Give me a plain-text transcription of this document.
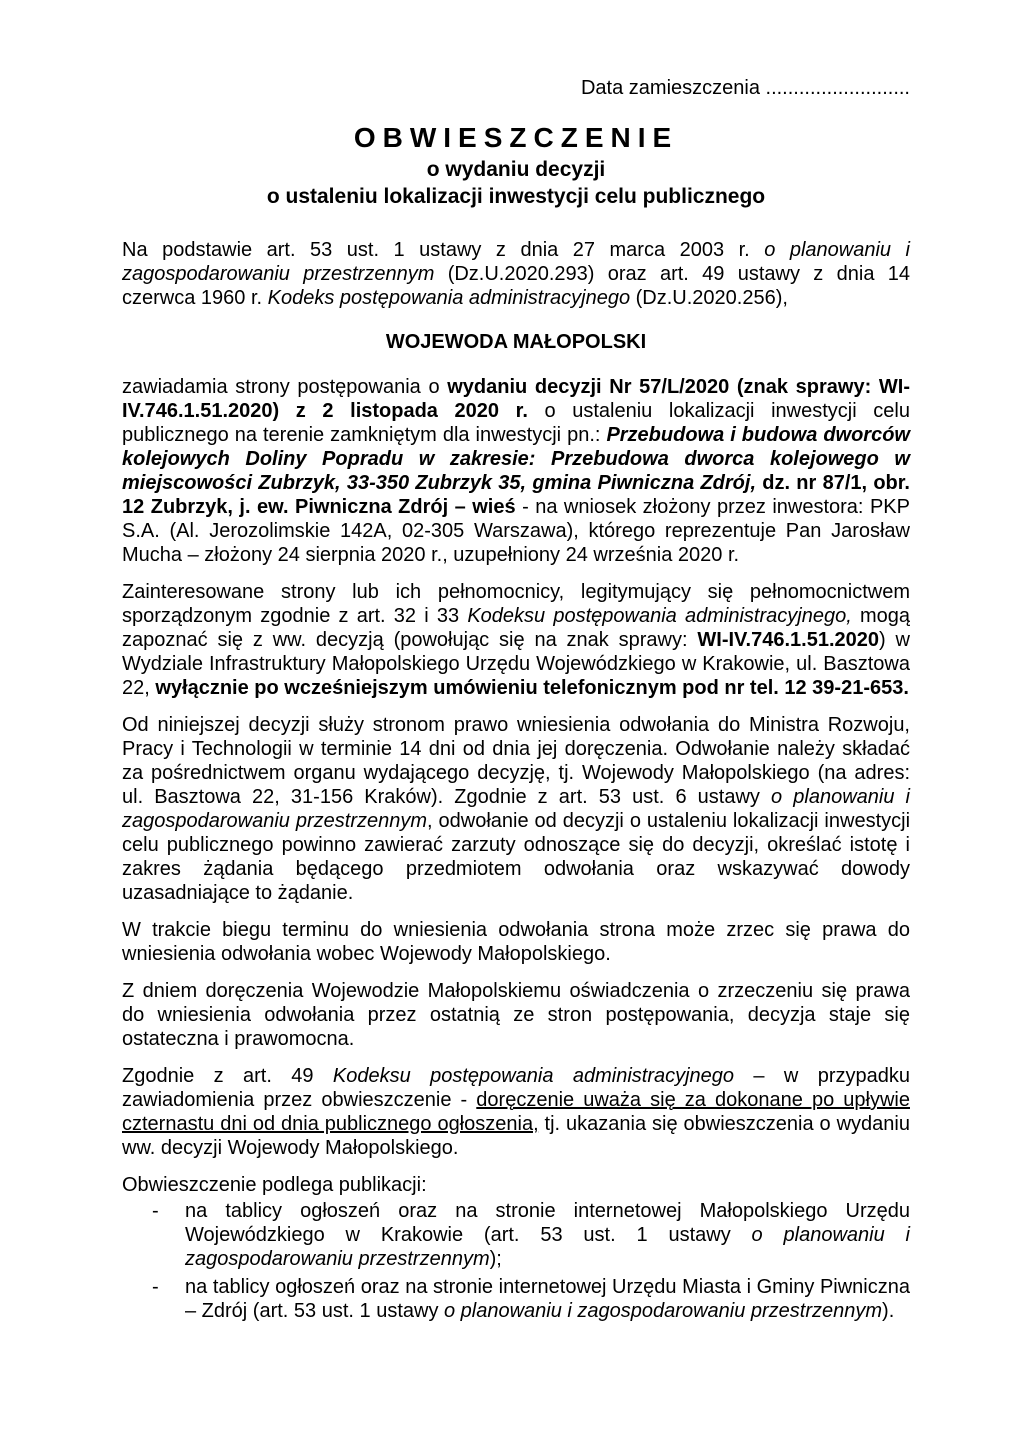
Data zamieszczenia ..........................

OBWIESZCZENIE

o wydaniu decyzji

o ustaleniu lokalizacji inwestycji celu publicznego

Na podstawie art. 53 ust. 1 ustawy z dnia 27 marca 2003 r. o planowaniu i zagospodarowaniu przestrzennym (Dz.U.2020.293) oraz art. 49 ustawy z dnia 14 czerwca 1960 r. Kodeks postępowania administracyjnego (Dz.U.2020.256),

WOJEWODA MAŁOPOLSKI

zawiadamia strony postępowania o wydaniu decyzji Nr 57/L/2020 (znak sprawy: WI-IV.746.1.51.2020) z 2 listopada 2020 r. o ustaleniu lokalizacji inwestycji celu publicznego na terenie zamkniętym dla inwestycji pn.: Przebudowa i budowa dworców kolejowych Doliny Popradu w zakresie: Przebudowa dworca kolejowego w miejscowości Zubrzyk, 33-350 Zubrzyk 35, gmina Piwniczna Zdrój, dz. nr 87/1, obr. 12 Zubrzyk, j. ew. Piwniczna Zdrój – wieś - na wniosek złożony przez inwestora: PKP S.A. (Al. Jerozolimskie 142A, 02-305 Warszawa), którego reprezentuje Pan Jarosław Mucha – złożony 24 sierpnia 2020 r., uzupełniony 24 września 2020 r.

Zainteresowane strony lub ich pełnomocnicy, legitymujący się pełnomocnictwem sporządzonym zgodnie z art. 32 i 33 Kodeksu postępowania administracyjnego, mogą zapoznać się z ww. decyzją (powołując się na znak sprawy: WI-IV.746.1.51.2020) w Wydziale Infrastruktury Małopolskiego Urzędu Wojewódzkiego w Krakowie, ul. Basztowa 22, wyłącznie po wcześniejszym umówieniu telefonicznym pod nr tel. 12 39-21-653.

Od niniejszej decyzji służy stronom prawo wniesienia odwołania do Ministra Rozwoju, Pracy i Technologii w terminie 14 dni od dnia jej doręczenia. Odwołanie należy składać za pośrednictwem organu wydającego decyzję, tj. Wojewody Małopolskiego (na adres: ul. Basztowa 22, 31-156 Kraków). Zgodnie z art. 53 ust. 6 ustawy o planowaniu i zagospodarowaniu przestrzennym, odwołanie od decyzji o ustaleniu lokalizacji inwestycji celu publicznego powinno zawierać zarzuty odnoszące się do decyzji, określać istotę i zakres żądania będącego przedmiotem odwołania oraz wskazywać dowody uzasadniające to żądanie.

W trakcie biegu terminu do wniesienia odwołania strona może zrzec się prawa do wniesienia odwołania wobec Wojewody Małopolskiego.

Z dniem doręczenia Wojewodzie Małopolskiemu oświadczenia o zrzeczeniu się prawa do wniesienia odwołania przez ostatnią ze stron postępowania, decyzja staje się ostateczna i prawomocna.

Zgodnie z art. 49 Kodeksu postępowania administracyjnego – w przypadku zawiadomienia przez obwieszczenie - doręczenie uważa się za dokonane po upływie czternastu dni od dnia publicznego ogłoszenia, tj. ukazania się obwieszczenia o wydaniu ww. decyzji Wojewody Małopolskiego.

Obwieszczenie podlega publikacji:

- na tablicy ogłoszeń oraz na stronie internetowej Małopolskiego Urzędu Wojewódzkiego w Krakowie (art. 53 ust. 1 ustawy o planowaniu i zagospodarowaniu przestrzennym);
- na tablicy ogłoszeń oraz na stronie internetowej Urzędu Miasta i Gminy Piwniczna – Zdrój (art. 53 ust. 1 ustawy o planowaniu i zagospodarowaniu przestrzennym).
